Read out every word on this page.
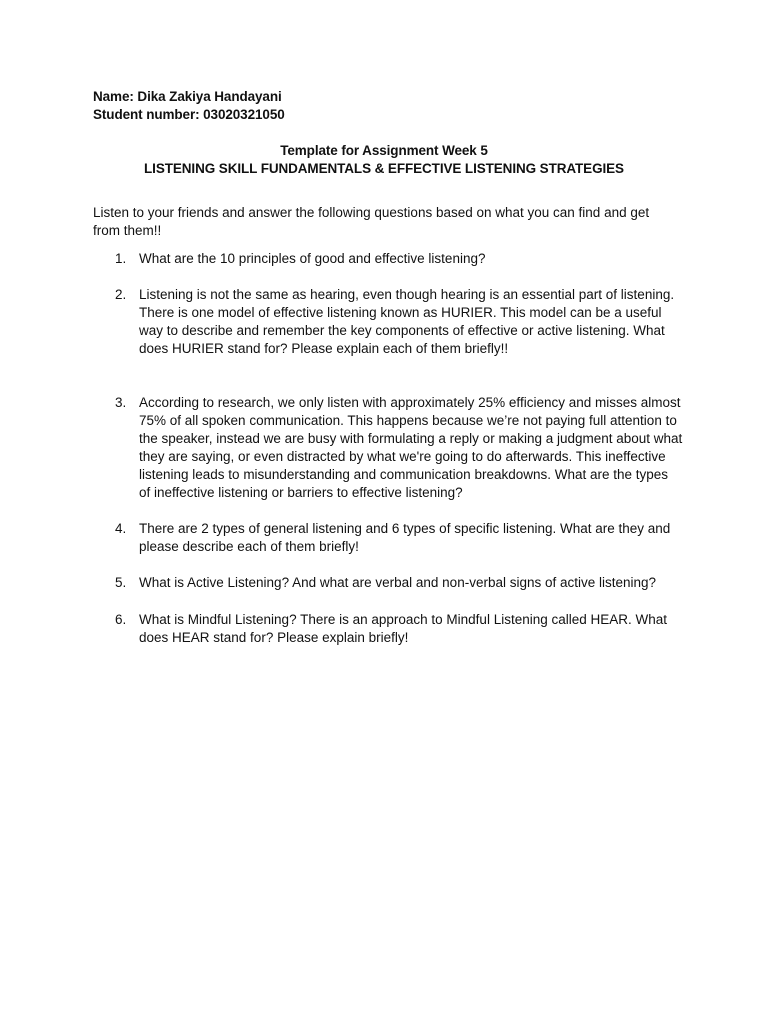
Name: Dika Zakiya Handayani
Student number: 03020321050
Template for Assignment Week 5
LISTENING SKILL FUNDAMENTALS & EFFECTIVE LISTENING STRATEGIES

Listen to your friends and answer the following questions based on what you can find and get from them!!

1. What are the 10 principles of good and effective listening?
2. Listening is not the same as hearing, even though hearing is an essential part of listening. There is one model of effective listening known as HURIER. This model can be a useful way to describe and remember the key components of effective or active listening. What does HURIER stand for? Please explain each of them briefly!!
3. According to research, we only listen with approximately 25% efficiency and misses almost 75% of all spoken communication. This happens because we’re not paying full attention to the speaker, instead we are busy with formulating a reply or making a judgment about what they are saying, or even distracted by what we're going to do afterwards. This ineffective listening leads to misunderstanding and communication breakdowns. What are the types of ineffective listening or barriers to effective listening?
4. There are 2 types of general listening and 6 types of specific listening. What are they and please describe each of them briefly!
5. What is Active Listening? And what are verbal and non-verbal signs of active listening?
6. What is Mindful Listening? There is an approach to Mindful Listening called HEAR. What does HEAR stand for? Please explain briefly!
